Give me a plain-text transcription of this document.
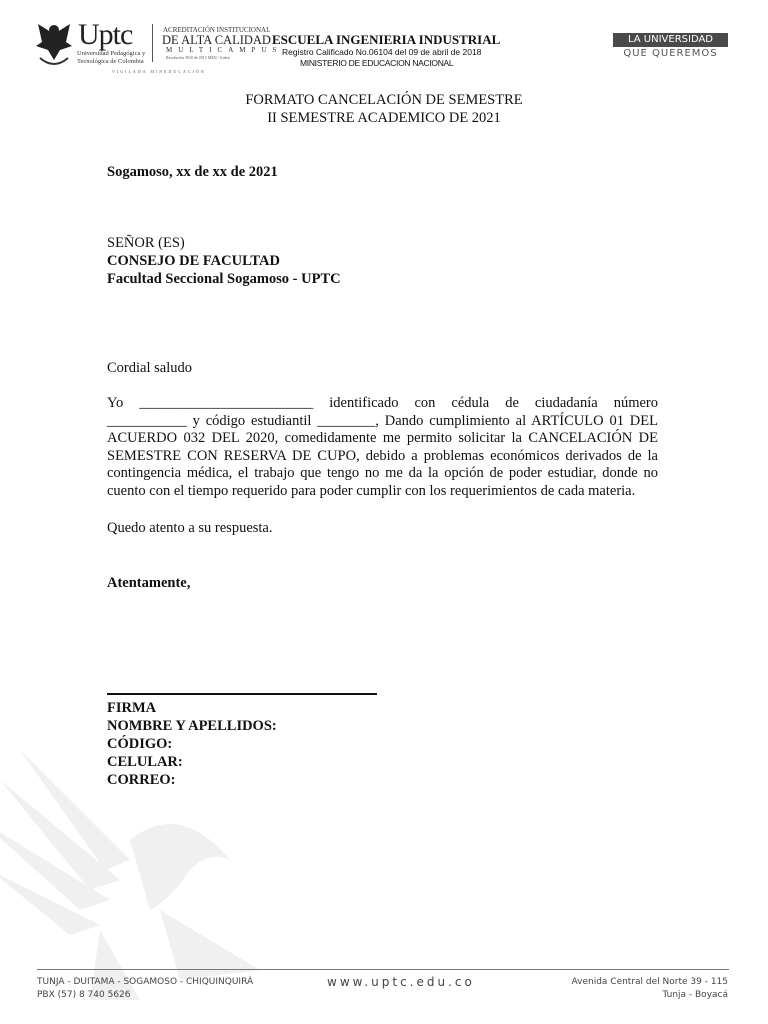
Uptc
Universidad Pedagógica y
Tecnológica de Colombia
ACREDITACIÓN INSTITUCIONAL
DE ALTA CALIDAD
MULTICAMPUS
Resolución 3910 de 2015 MEN / 6 años
VIGILADA MINEDUCACIÓN
ESCUELA INGENIERIA INDUSTRIAL
Registro Calificado No.06104 del 09 de abril de 2018
MINISTERIO DE EDUCACION NACIONAL
LA UNIVERSIDAD
QUE QUEREMOS
FORMATO CANCELACIÓN DE SEMESTRE
II SEMESTRE ACADEMICO DE 2021
Sogamoso, xx de xx de 2021
SEÑOR (ES)
CONSEJO DE FACULTAD
Facultad Seccional Sogamoso - UPTC
Cordial saludo
Yo ________________________ identificado con cédula de ciudadanía número
___________ y código estudiantil ________, Dando cumplimiento al ARTÍCULO 01 DEL
ACUERDO 032 DEL 2020, comedidamente me permito solicitar la CANCELACIÓN DE
SEMESTRE CON RESERVA DE CUPO, debido a problemas económicos derivados de la
contingencia médica, el trabajo que tengo no me da la opción de poder estudiar, donde no
cuento con el tiempo requerido para poder cumplir con los requerimientos de cada materia.
Quedo atento a su respuesta.
Atentamente,
FIRMA
NOMBRE Y APELLIDOS:
CÓDIGO:
CELULAR:
CORREO:
TUNJA - DUITAMA - SOGAMOSO - CHIQUINQUIRÁ
PBX (57) 8 740 5626
www.uptc.edu.co	Avenida Central del Norte 39 - 115
Tunja - Boyacá
